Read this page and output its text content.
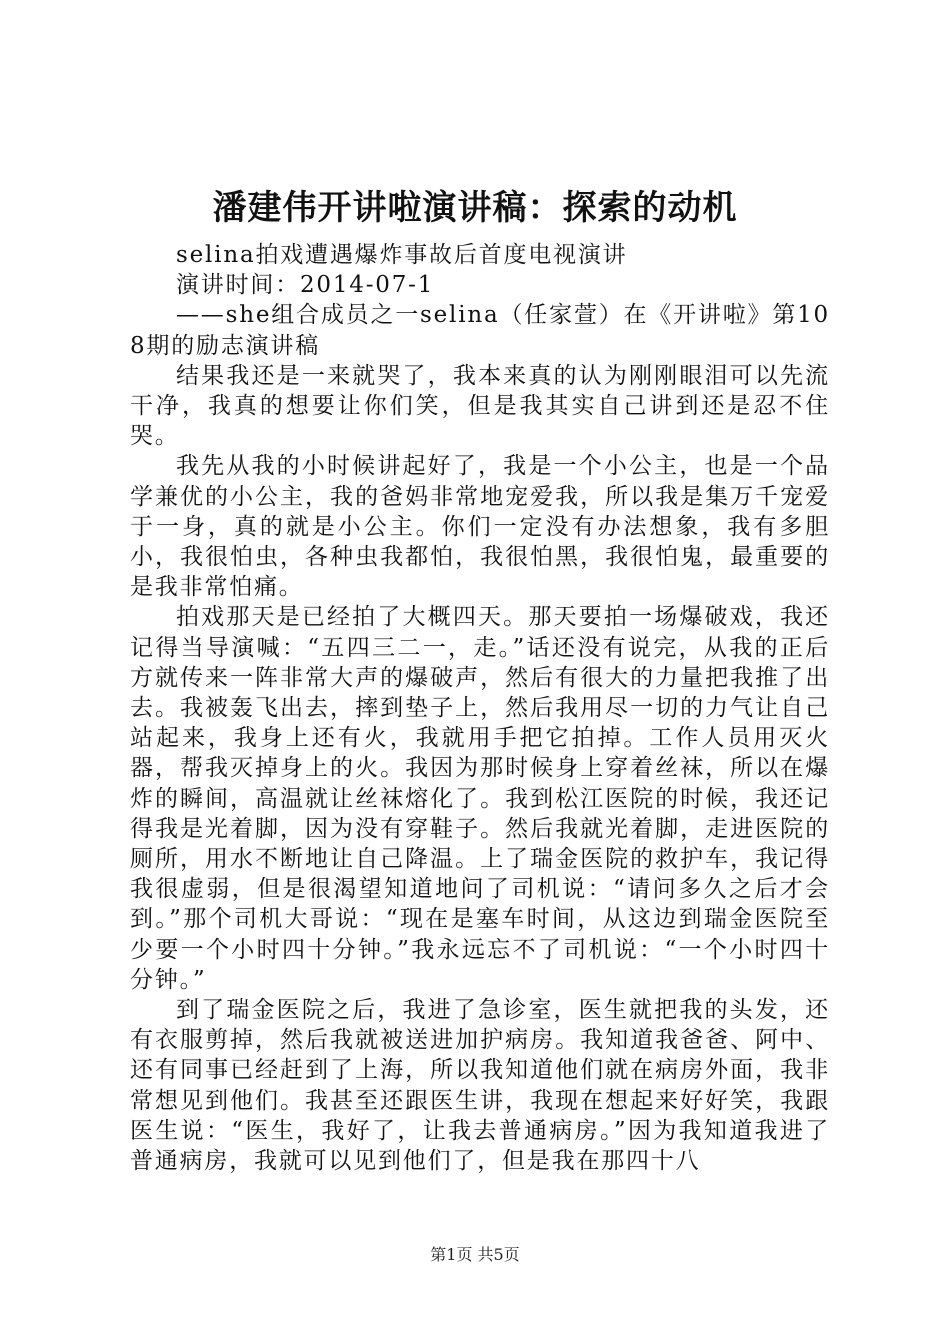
潘建伟开讲啦演讲稿：探索的动机

selina拍戏遭遇爆炸事故后首度电视演讲

演讲时间：2014-07-1

——she组合成员之一selina（任家萱）在《开讲啦》第108期的励志演讲稿

结果我还是一来就哭了，我本来真的认为刚刚眼泪可以先流干净，我真的想要让你们笑，但是我其实自己讲到还是忍不住哭。

我先从我的小时候讲起好了，我是一个小公主，也是一个品学兼优的小公主，我的爸妈非常地宠爱我，所以我是集万千宠爱于一身，真的就是小公主。你们一定没有办法想象，我有多胆小，我很怕虫，各种虫我都怕，我很怕黑，我很怕鬼，最重要的是我非常怕痛。

拍戏那天是已经拍了大概四天。那天要拍一场爆破戏，我还记得当导演喊：“五四三二一，走。”话还没有说完，从我的正后方就传来一阵非常大声的爆破声，然后有很大的力量把我推了出去。我被轰飞出去，摔到垫子上，然后我用尽一切的力气让自己站起来，我身上还有火，我就用手把它拍掉。工作人员用灭火器，帮我灭掉身上的火。我因为那时候身上穿着丝袜，所以在爆炸的瞬间，高温就让丝袜熔化了。我到松江医院的时候，我还记得我是光着脚，因为没有穿鞋子。然后我就光着脚，走进医院的厕所，用水不断地让自己降温。上了瑞金医院的救护车，我记得我很虚弱，但是很渴望知道地问了司机说：“请问多久之后才会到。”那个司机大哥说：“现在是塞车时间，从这边到瑞金医院至少要一个小时四十分钟。”我永远忘不了司机说：“一个小时四十分钟。”

到了瑞金医院之后，我进了急诊室，医生就把我的头发，还有衣服剪掉，然后我就被送进加护病房。我知道我爸爸、阿中、还有同事已经赶到了上海，所以我知道他们就在病房外面，我非常想见到他们。我甚至还跟医生讲，我现在想起来好好笑，我跟医生说：“医生，我好了，让我去普通病房。”因为我知道我进了普通病房，我就可以见到他们了，但是我在那四十八

第1页 共5页
